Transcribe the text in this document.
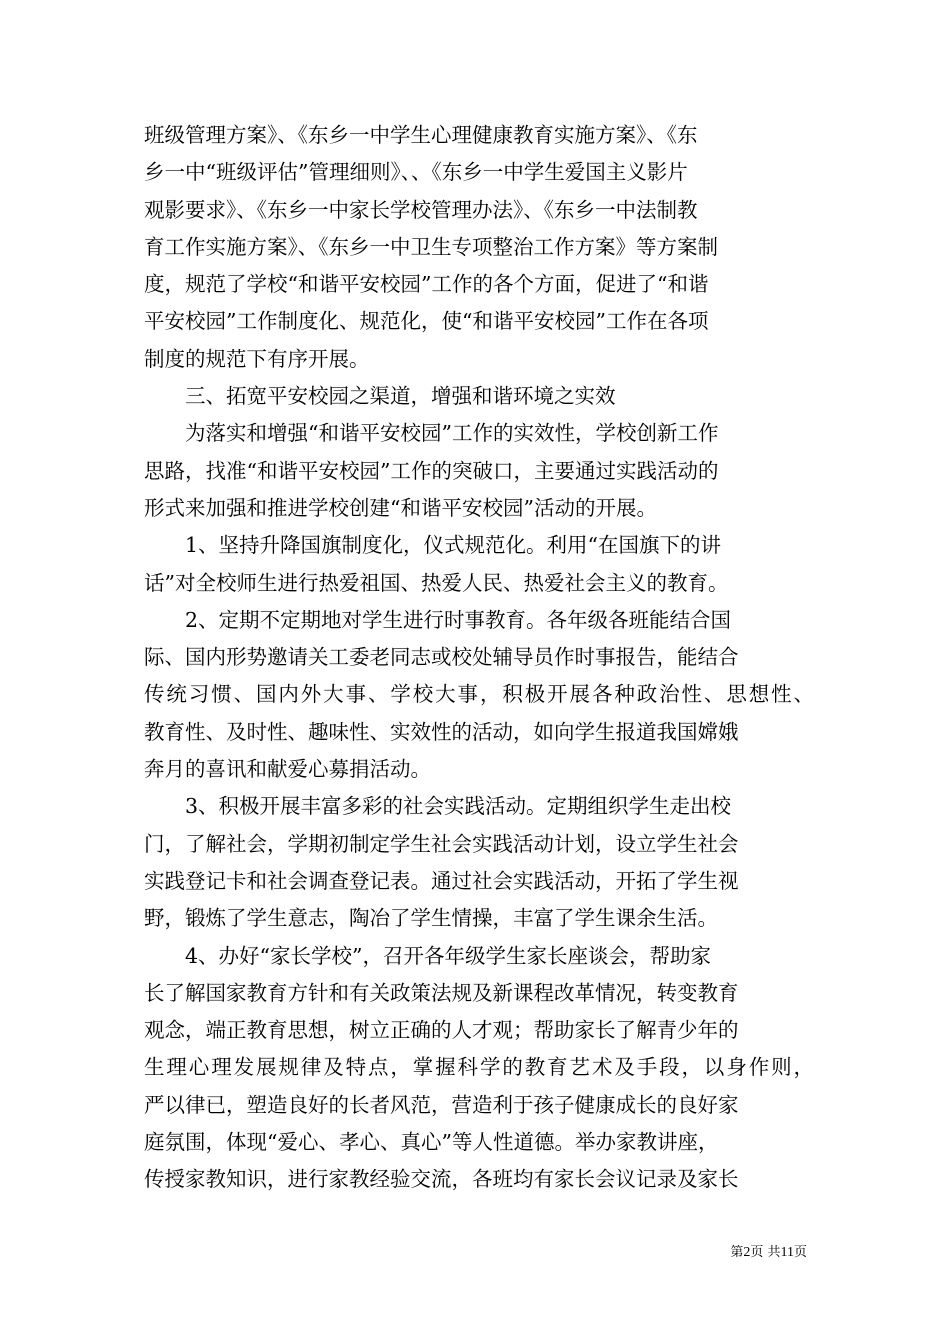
班级管理方案》、《东乡一中学生心理健康教育实施方案》、《东
乡一中“班级评估”管理细则》、、《东乡一中学生爱国主义影片
观影要求》、《东乡一中家长学校管理办法》、《东乡一中法制教
育工作实施方案》、《东乡一中卫生专项整治工作方案》等方案制
度，规范了学校“和谐平安校园”工作的各个方面，促进了“和谐
平安校园”工作制度化、规范化，使“和谐平安校园”工作在各项
制度的规范下有序开展。
　　三、拓宽平安校园之渠道，增强和谐环境之实效
　　为落实和增强“和谐平安校园”工作的实效性，学校创新工作
思路，找准“和谐平安校园”工作的突破口，主要通过实践活动的
形式来加强和推进学校创建“和谐平安校园”活动的开展。
　　1、坚持升降国旗制度化，仪式规范化。利用“在国旗下的讲
话”对全校师生进行热爱祖国、热爱人民、热爱社会主义的教育。
　　2、定期不定期地对学生进行时事教育。各年级各班能结合国
际、国内形势邀请关工委老同志或校处辅导员作时事报告，能结合
传统习惯、国内外大事、学校大事，积极开展各种政治性、思想性、
教育性、及时性、趣味性、实效性的活动，如向学生报道我国嫦娥
奔月的喜讯和献爱心募捐活动。
　　3、积极开展丰富多彩的社会实践活动。定期组织学生走出校
门，了解社会，学期初制定学生社会实践活动计划，设立学生社会
实践登记卡和社会调查登记表。通过社会实践活动，开拓了学生视
野，锻炼了学生意志，陶冶了学生情操，丰富了学生课余生活。
　　4、办好“家长学校”，召开各年级学生家长座谈会，帮助家
长了解国家教育方针和有关政策法规及新课程改革情况，转变教育
观念，端正教育思想，树立正确的人才观；帮助家长了解青少年的
生理心理发展规律及特点，掌握科学的教育艺术及手段，以身作则，
严以律已，塑造良好的长者风范，营造利于孩子健康成长的良好家
庭氛围，体现“爱心、孝心、真心”等人性道德。举办家教讲座，
传授家教知识，进行家教经验交流，各班均有家长会议记录及家长
第2页 共11页
